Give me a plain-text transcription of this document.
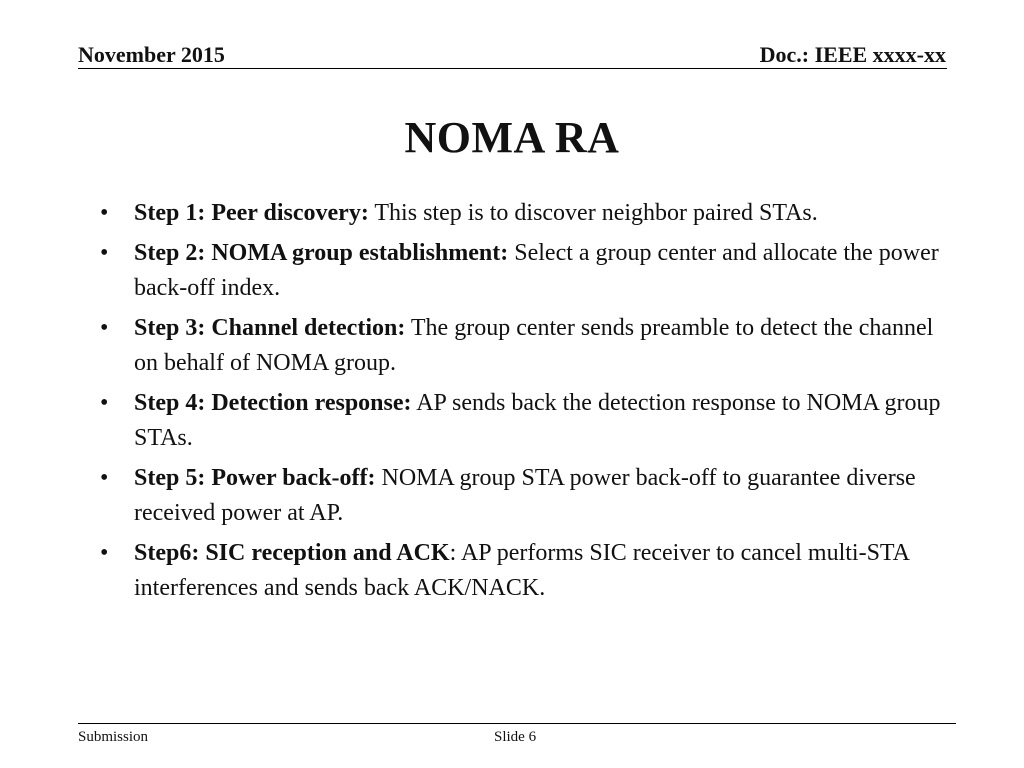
November 2015	Doc.: IEEE xxxx-xx
NOMA RA
•	Step 1: Peer discovery: This step is to discover neighbor paired STAs.
•	Step 2: NOMA group establishment: Select a group center and allocate the power back-off index.
•	Step 3: Channel detection: The group center sends preamble to detect the channel on behalf of NOMA group.
•	Step 4: Detection response: AP sends back the detection response to NOMA group STAs.
•	Step 5: Power back-off: NOMA group STA power back-off to guarantee diverse received power at AP.
•	Step6: SIC reception and ACK: AP performs SIC receiver to cancel multi-STA interferences and sends back ACK/NACK.
Submission	Slide 6
